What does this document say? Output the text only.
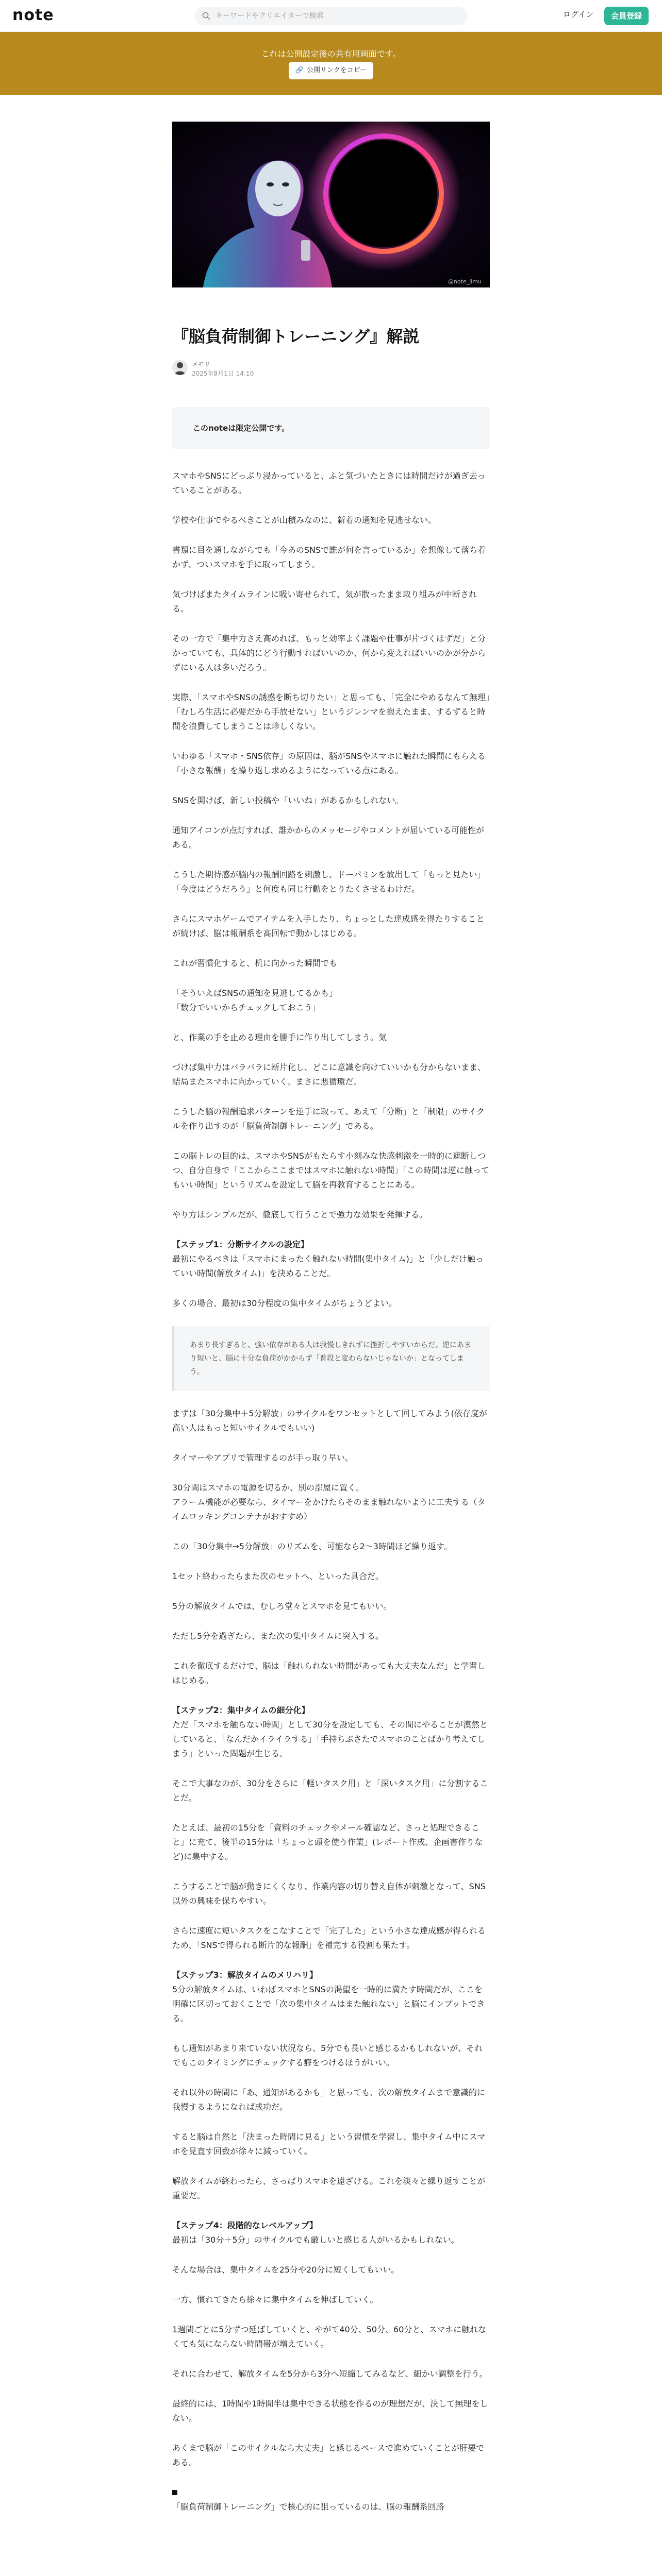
note
キーワードやクリエイターで検索	ログイン	会員登録
これは公開設定後の共有用画面です。
🔗 公開リンクをコピー
@note_jimu
『脳負荷制御トレーニング』解説
メモリ
2025年8月1日 14:10
このnoteは限定公開です。

スマホやSNSにどっぷり浸かっていると、ふと気づいたときには時間だけが過ぎ去っていることがある。

学校や仕事でやるべきことが山積みなのに、新着の通知を見逃せない。

書類に目を通しながらでも「今あのSNSで誰が何を言っているか」を想像して落ち着かず、ついスマホを手に取ってしまう。

気づけばまたタイムラインに吸い寄せられて、気が散ったまま取り組みが中断される。

その一方で「集中力さえ高めれば、もっと効率よく課題や仕事が片づくはずだ」と分かっていても、具体的にどう行動すればいいのか、何から変えればいいのかが分からずにいる人は多いだろう。

実際、「スマホやSNSの誘惑を断ち切りたい」と思っても、「完全にやめるなんて無理」「むしろ生活に必要だから手放せない」というジレンマを抱えたまま、するずると時間を浪費してしまうことは珍しくない。

いわゆる「スマホ・SNS依存」の原因は、脳がSNSやスマホに触れた瞬間にもらえる「小さな報酬」を繰り返し求めるようになっている点にある。

SNSを開けば、新しい投稿や「いいね」があるかもしれない。

通知アイコンが点灯すれば、誰かからのメッセージやコメントが届いている可能性がある。

こうした期待感が脳内の報酬回路を刺激し、ドーパミンを放出して「もっと見たい」「今度はどうだろう」と何度も同じ行動をとりたくさせるわけだ。

さらにスマホゲームでアイテムを入手したり、ちょっとした達成感を得たりすることが続けば、脳は報酬系を高回転で動かしはじめる。

これが習慣化すると、机に向かった瞬間でも

「そういえばSNSの通知を見逃してるかも」
「数分でいいからチェックしておこう」

と、作業の手を止める理由を勝手に作り出してしまう。気

づけば集中力はバラバラに断片化し、どこに意識を向けていいかも分からないまま、結局またスマホに向かっていく。まさに悪循環だ。

こうした脳の報酬追求パターンを逆手に取って、あえて「分断」と「制限」のサイクルを作り出すのが「脳負荷制御トレーニング」である。

この脳トレの目的は、スマホやSNSがもたらす小刻みな快感刺激を一時的に遮断しつつ、自分自身で「ここからここまではスマホに触れない時間」「この時間は逆に触ってもいい時間」というリズムを設定して脳を再教育することにある。

やり方はシンプルだが、徹底して行うことで強力な効果を発揮する。

【ステップ1：分断サイクルの設定】
最初にやるべきは「スマホにまったく触れない時間(集中タイム)」と「少しだけ触っていい時間(解放タイム)」を決めることだ。

多くの場合、最初は30分程度の集中タイムがちょうどよい。

あまり長すぎると、強い依存がある人は我慢しきれずに挫折しやすいからだ。逆にあまり短いと、脳に十分な負荷がかからず「普段と変わらないじゃないか」となってしまう。

まずは「30分集中＋5分解放」のサイクルをワンセットとして回してみよう(依存度が高い人はもっと短いサイクルでもいい)

タイマーやアプリで管理するのが手っ取り早い。

30分間はスマホの電源を切るか、別の部屋に置く。
アラーム機能が必要なら、タイマーをかけたらそのまま触れないように工夫する（タイムロッキングコンテナがおすすめ）

この「30分集中→5分解放」のリズムを、可能なら2〜3時間ほど繰り返す。

1セット終わったらまた次のセットへ、といった具合だ。

5分の解放タイムでは、むしろ堂々とスマホを見てもいい。

ただし5分を過ぎたら、また次の集中タイムに突入する。

これを徹底するだけで、脳は「触れられない時間があっても大丈夫なんだ」と学習しはじめる。

【ステップ2：集中タイムの細分化】
ただ「スマホを触らない時間」として30分を設定しても、その間にやることが漠然としていると、「なんだかイライラする」「手持ちぶさたでスマホのことばかり考えてしまう」といった問題が生じる。

そこで大事なのが、30分をさらに「軽いタスク用」と「深いタスク用」に分割することだ。

たとえば、最初の15分を「資料のチェックやメール確認など、さっと処理できること」に充て、後半の15分は「ちょっと頭を使う作業」(レポート作成、企画書作りなど)に集中する。

こうすることで脳が動きにくくなり、作業内容の切り替え自体が刺激となって、SNS以外の興味を保ちやすい。

さらに速度に短いタスクをこなすことで「完了した」という小さな達成感が得られるため、「SNSで得られる断片的な報酬」を補完する役割も果たす。

【ステップ3：解放タイムのメリハリ】
5分の解放タイムは、いわばスマホとSNSの渇望を一時的に満たす時間だが、ここを明確に区切っておくことで「次の集中タイムはまた触れない」と脳にインプットできる。

もし通知があまり来ていない状況なら、5分でも長いと感じるかもしれないが、それでもこのタイミングにチェックする癖をつけるほうがいい。

それ以外の時間に「あ、通知があるかも」と思っても、次の解放タイムまで意識的に我慢するようになれば成功だ。

すると脳は自然と「決まった時間に見る」という習慣を学習し、集中タイム中にスマホを見直す回数が徐々に減っていく。

解放タイムが終わったら、さっぱりスマホを遠ざける。これを淡々と繰り返すことが重要だ。

【ステップ4：段階的なレベルアップ】
最初は「30分＋5分」のサイクルでも厳しいと感じる人がいるかもしれない。

そんな場合は、集中タイムを25分や20分に短くしてもいい。

一方、慣れてきたら徐々に集中タイムを伸ばしていく。

1週間ごとに5分ずつ延ばしていくと、やがて40分、50分、60分と、スマホに触れなくても気にならない時間帯が増えていく。

それに合わせて、解放タイムを5分から3分へ短縮してみるなど、細かい調整を行う。

最終的には、1時間や1時間半は集中できる状態を作るのが理想だが、決して無理をしない。

あくまで脳が「このサイクルなら大丈夫」と感じるペースで進めていくことが肝要である。

「脳負荷制御トレーニング」で核心的に狙っているのは、脳の報酬系回路
